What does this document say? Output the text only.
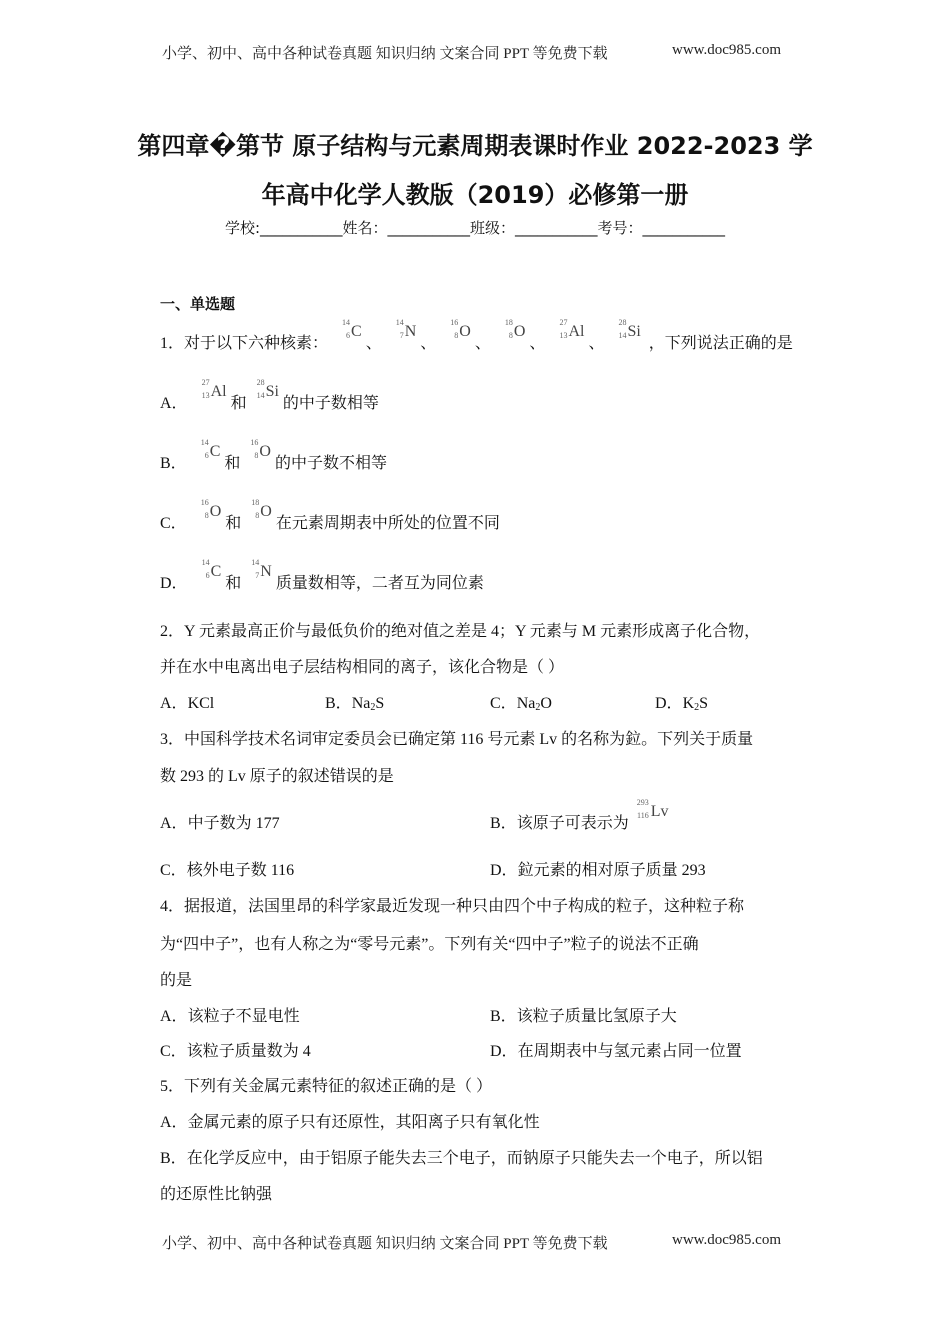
小学、初中、高中各种试卷真题 知识归纳 文案合同 PPT 等免费下载	www.doc985.com
第四章�第节 原子结构与元素周期表课时作业 2022-2023 学
年高中化学人教版（2019）必修第一册
学校:___________姓名：___________班级：___________考号：___________
一、单选题
1．对于以下六种核素：
14
6 C、
14
7 N、
16
8 O、
18
8 O、
27
13 Al、
28
14 Si ，下列说法正确的是
A．
27
13 Al和
28
14 Si的中子数相等
B．
14
6 C和
16
8 O的中子数不相等
C．
16
8 O和
18
8 O在元素周期表中所处的位置不同
D．
14
6 C和
14
7 N质量数相等，二者互为同位素
2．Y 元素最高正价与最低负价的绝对值之差是 4；Y 元素与 M 元素形成离子化合物，
并在水中电离出电子层结构相同的离子，该化合物是（ ）
A．KCl	B．$Na_2S$	C．$Na_2O$	D．$K_2S$
3．中国科学技术名词审定委员会已确定第 116 号元素 Lv 的名称为鉝。下列关于质量
数 293 的 Lv 原子的叙述错误的是
A．中子数为 177	B．该原子可表示为
293
116 Lv
C．核外电子数 116	D．鉝元素的相对原子质量 293
4．据报道，法国里昂的科学家最近发现一种只由四个中子构成的粒子，这种粒子称
为“四中子”，也有人称之为“零号元素”。下列有关“四中子”粒子的说法不正确
的是
A．该粒子不显电性	B．该粒子质量比氢原子大
C．该粒子质量数为 4	D．在周期表中与氢元素占同一位置
5．下列有关金属元素特征的叙述正确的是（ ）
A．金属元素的原子只有还原性，其阳离子只有氧化性
B．在化学反应中，由于铝原子能失去三个电子，而钠原子只能失去一个电子，所以铝
的还原性比钠强
小学、初中、高中各种试卷真题 知识归纳 文案合同 PPT 等免费下载	www.doc985.com
